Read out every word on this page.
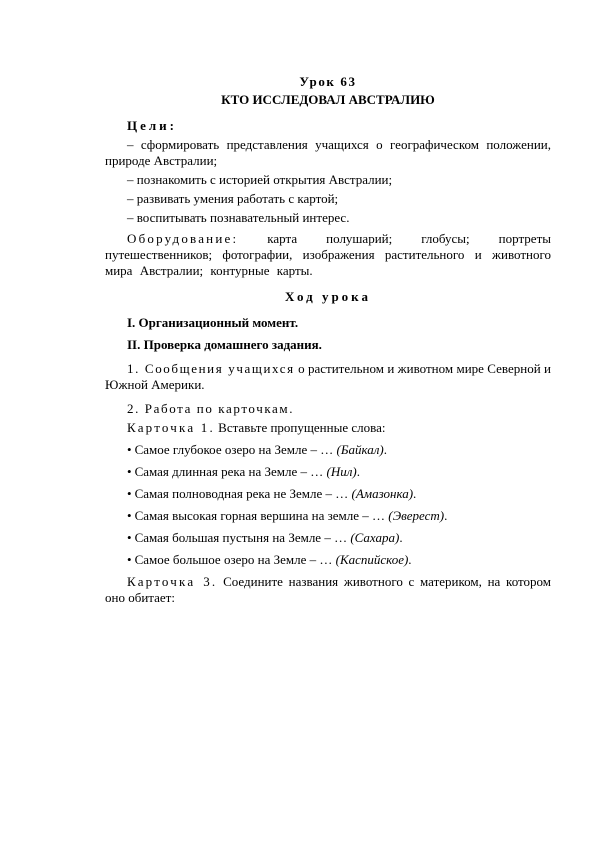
Урок 63

КТО ИССЛЕДОВАЛ АВСТРАЛИЮ

Цели:

– сформировать представления учащихся о географическом положении, природе Австралии;

– познакомить с историей открытия Австралии;

– развивать умения работать с картой;

– воспитывать познавательный интерес.

Оборудование: карта полушарий; глобусы; портреты путешественников; фотографии, изображения растительного и животного мира Австралии; контурные карты.

Ход урока

I. Организационный момент.

II. Проверка домашнего задания.

1. Сообщения учащихся о растительном и животном мире Северной и Южной Америки.

2. Работа по карточкам.

Карточка 1. Вставьте пропущенные слова:

• Самое глубокое озеро на Земле – … (Байкал).

• Самая длинная река на Земле – … (Нил).

• Самая полноводная река не Земле – … (Амазонка).

• Самая высокая горная вершина на земле – … (Эверест).

• Самая большая пустыня на Земле – … (Сахара).

• Самое большое озеро на Земле – … (Каспийское).

Карточка 3. Соедините названия животного с материком, на котором оно обитает:
